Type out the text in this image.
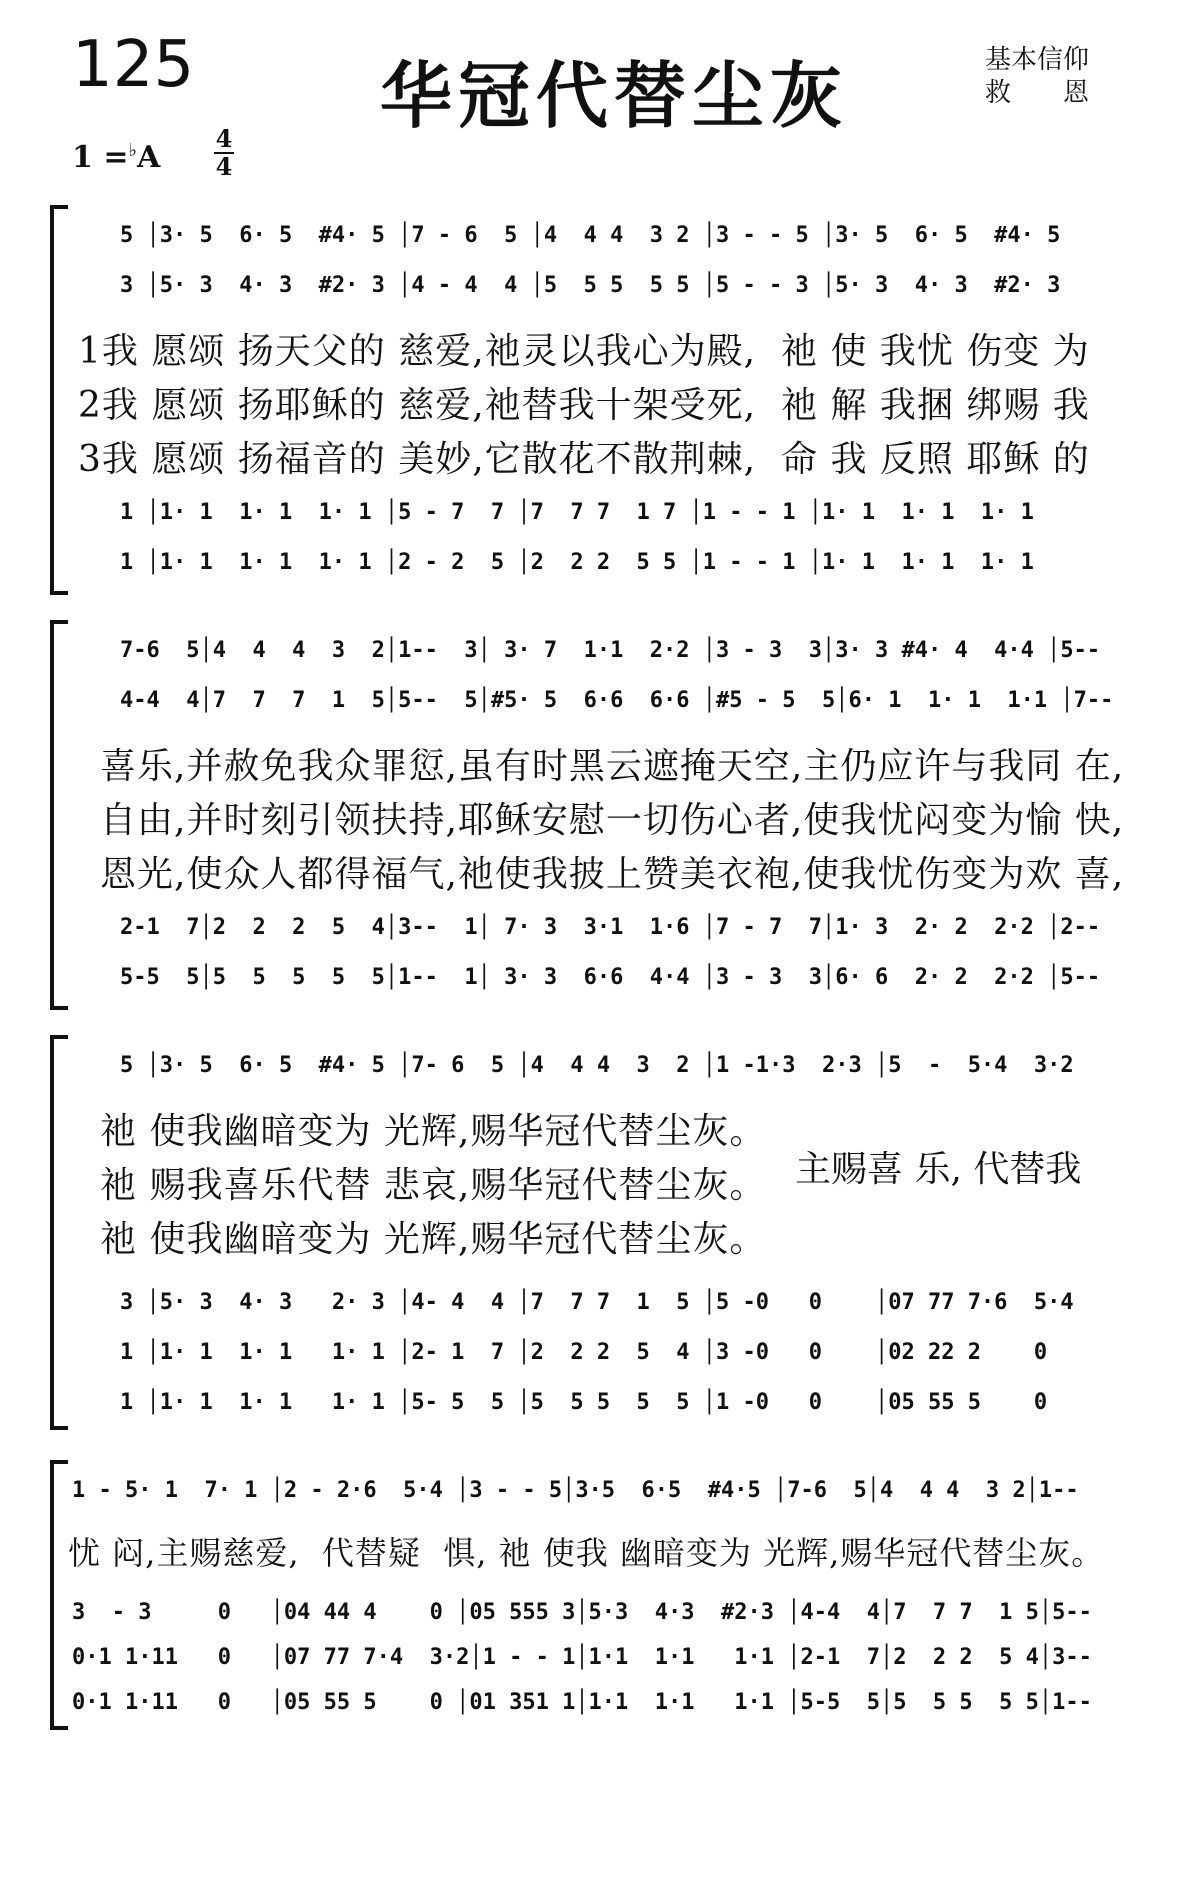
125	华冠代替尘灰	基本信仰
救　　恩
1 =♭A
4
4
5 │3· 5  6· 5  #4· 5 │7 - 6  5 │4  4 4  3 2 │3 - - 5 │3· 5  6· 5  #4· 5
3 │5· 3  4· 3  #2· 3 │4 - 4  4 │5  5 5  5 5 │5 - - 3 │5· 3  4· 3  #2· 3
1我 愿颂 扬天父的 慈爱,祂灵以我心为殿,  祂 使 我忧 伤变 为
2我 愿颂 扬耶稣的 慈爱,祂替我十架受死,  祂 解 我捆 绑赐 我
3我 愿颂 扬福音的 美妙,它散花不散荆棘,  命 我 反照 耶稣 的
1 │1· 1  1· 1  1· 1 │5 - 7  7 │7  7 7  1 7 │1 - - 1 │1· 1  1· 1  1· 1
1 │1· 1  1· 1  1· 1 │2 - 2  5 │2  2 2  5 5 │1 - - 1 │1· 1  1· 1  1· 1
7-6  5│4  4  4  3  2│1--  3│ 3· 7  1·1  2·2 │3 - 3  3│3· 3 #4· 4  4·4 │5--
4-4  4│7  7  7  1  5│5--  5│#5· 5  6·6  6·6 │#5 - 5  5│6· 1  1· 1  1·1 │7--
喜乐,并赦免我众罪愆,虽有时黑云遮掩天空,主仍应许与我同 在,
自由,并时刻引领扶持,耶稣安慰一切伤心者,使我忧闷变为愉 快,
恩光,使众人都得福气,祂使我披上赞美衣袍,使我忧伤变为欢 喜,
2-1  7│2  2  2  5  4│3--  1│ 7· 3  3·1  1·6 │7 - 7  7│1· 3  2· 2  2·2 │2--
5-5  5│5  5  5  5  5│1--  1│ 3· 3  6·6  4·4 │3 - 3  3│6· 6  2· 2  2·2 │5--
5 │3· 5  6· 5  #4· 5 │7- 6  5 │4  4 4  3  2 │1 -1·3  2·3 │5  -  5·4  3·2
祂 使我幽暗变为 光辉,赐华冠代替尘灰。
祂 赐我喜乐代替 悲哀,赐华冠代替尘灰。
祂 使我幽暗变为 光辉,赐华冠代替尘灰。
主赐喜 乐, 代替我
3 │5· 3  4· 3   2· 3 │4- 4  4 │7  7 7  1  5 │5 -0   0    │07 77 7·6  5·4
1 │1· 1  1· 1   1· 1 │2- 1  7 │2  2 2  5  4 │3 -0   0    │02 22 2    0
1 │1· 1  1· 1   1· 1 │5- 5  5 │5  5 5  5  5 │1 -0   0    │05 55 5    0
1 - 5· 1  7· 1 │2 - 2·6  5·4 │3 - - 5│3·5  6·5  #4·5 │7-6  5│4  4 4  3 2│1--
忧 闷,主赐慈爱,  代替疑  惧, 祂 使我 幽暗变为 光辉,赐华冠代替尘灰。
3  - 3     0   │04 44 4    0 │05 555 3│5·3  4·3  #2·3 │4-4  4│7  7 7  1 5│5--
0·1 1·11   0   │07 77 7·4  3·2│1 - - 1│1·1  1·1   1·1 │2-1  7│2  2 2  5 4│3--
0·1 1·11   0   │05 55 5    0 │01 351 1│1·1  1·1   1·1 │5-5  5│5  5 5  5 5│1--
